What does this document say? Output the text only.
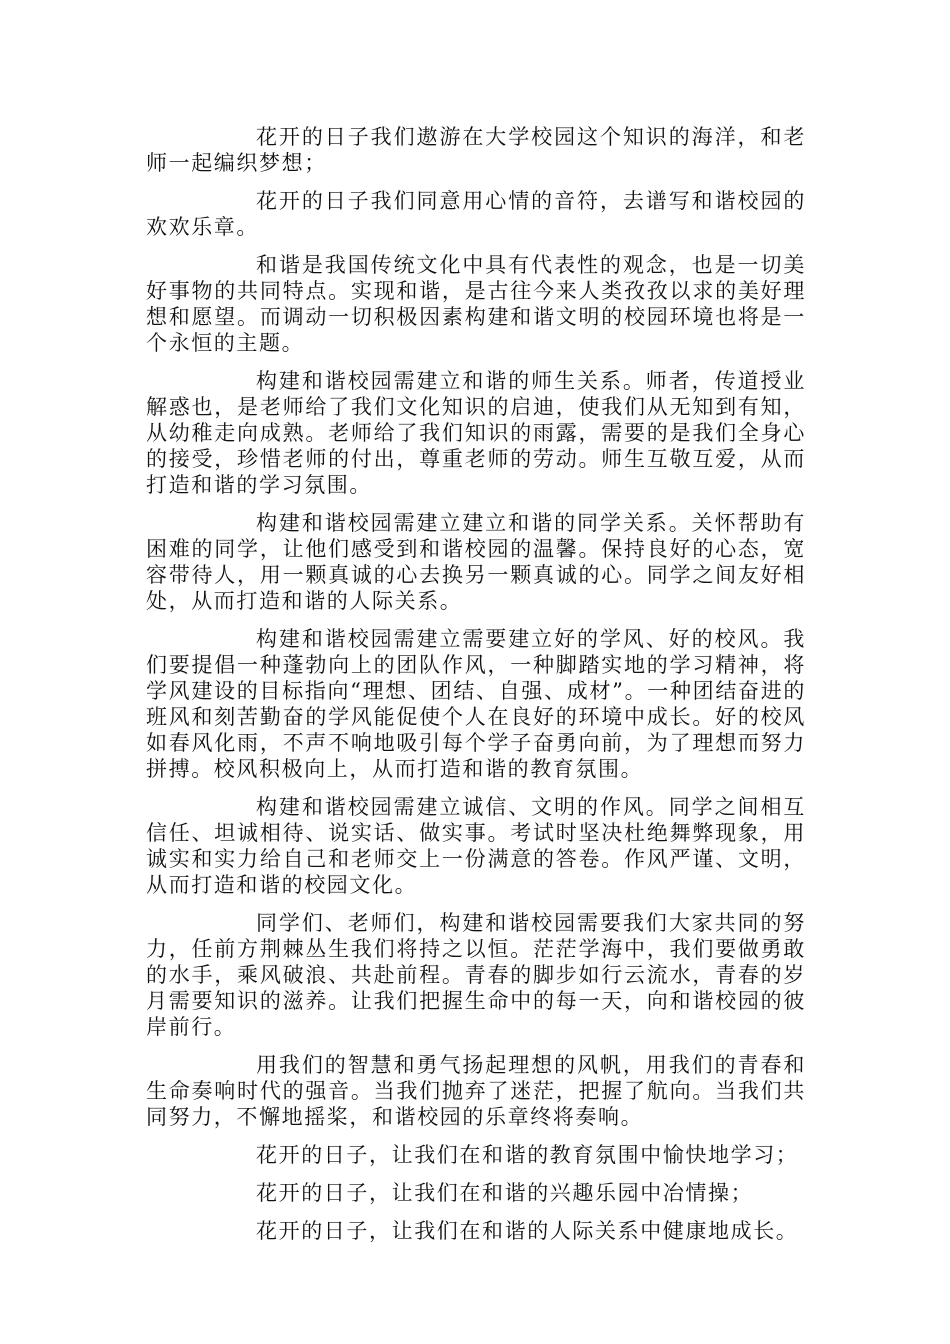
花开的日子我们遨游在大学校园这个知识的海洋，和老师一起编织梦想；

花开的日子我们同意用心情的音符，去谱写和谐校园的欢欢乐章。

和谐是我国传统文化中具有代表性的观念，也是一切美好事物的共同特点。实现和谐，是古往今来人类孜孜以求的美好理想和愿望。而调动一切积极因素构建和谐文明的校园环境也将是一个永恒的主题。

构建和谐校园需建立和谐的师生关系。师者，传道授业解惑也，是老师给了我们文化知识的启迪，使我们从无知到有知，从幼稚走向成熟。老师给了我们知识的雨露，需要的是我们全身心的接受，珍惜老师的付出，尊重老师的劳动。师生互敬互爱，从而打造和谐的学习氛围。

构建和谐校园需建立建立和谐的同学关系。关怀帮助有困难的同学，让他们感受到和谐校园的温馨。保持良好的心态，宽容带待人，用一颗真诚的心去换另一颗真诚的心。同学之间友好相处，从而打造和谐的人际关系。

构建和谐校园需建立需要建立好的学风、好的校风。我们要提倡一种蓬勃向上的团队作风，一种脚踏实地的学习精神，将学风建设的目标指向“理想、团结、自强、成材”。一种团结奋进的班风和刻苦勤奋的学风能促使个人在良好的环境中成长。好的校风如春风化雨，不声不响地吸引每个学子奋勇向前，为了理想而努力拼搏。校风积极向上，从而打造和谐的教育氛围。

构建和谐校园需建立诚信、文明的作风。同学之间相互信任、坦诚相待、说实话、做实事。考试时坚决杜绝舞弊现象，用诚实和实力给自己和老师交上一份满意的答卷。作风严谨、文明，从而打造和谐的校园文化。

同学们、老师们，构建和谐校园需要我们大家共同的努力，任前方荆棘丛生我们将持之以恒。茫茫学海中，我们要做勇敢的水手，乘风破浪、共赴前程。青春的脚步如行云流水，青春的岁月需要知识的滋养。让我们把握生命中的每一天，向和谐校园的彼岸前行。

用我们的智慧和勇气扬起理想的风帆，用我们的青春和生命奏响时代的强音。当我们抛弃了迷茫，把握了航向。当我们共同努力，不懈地摇桨，和谐校园的乐章终将奏响。

花开的日子，让我们在和谐的教育氛围中愉快地学习；

花开的日子，让我们在和谐的兴趣乐园中冶情操；

花开的日子，让我们在和谐的人际关系中健康地成长。
